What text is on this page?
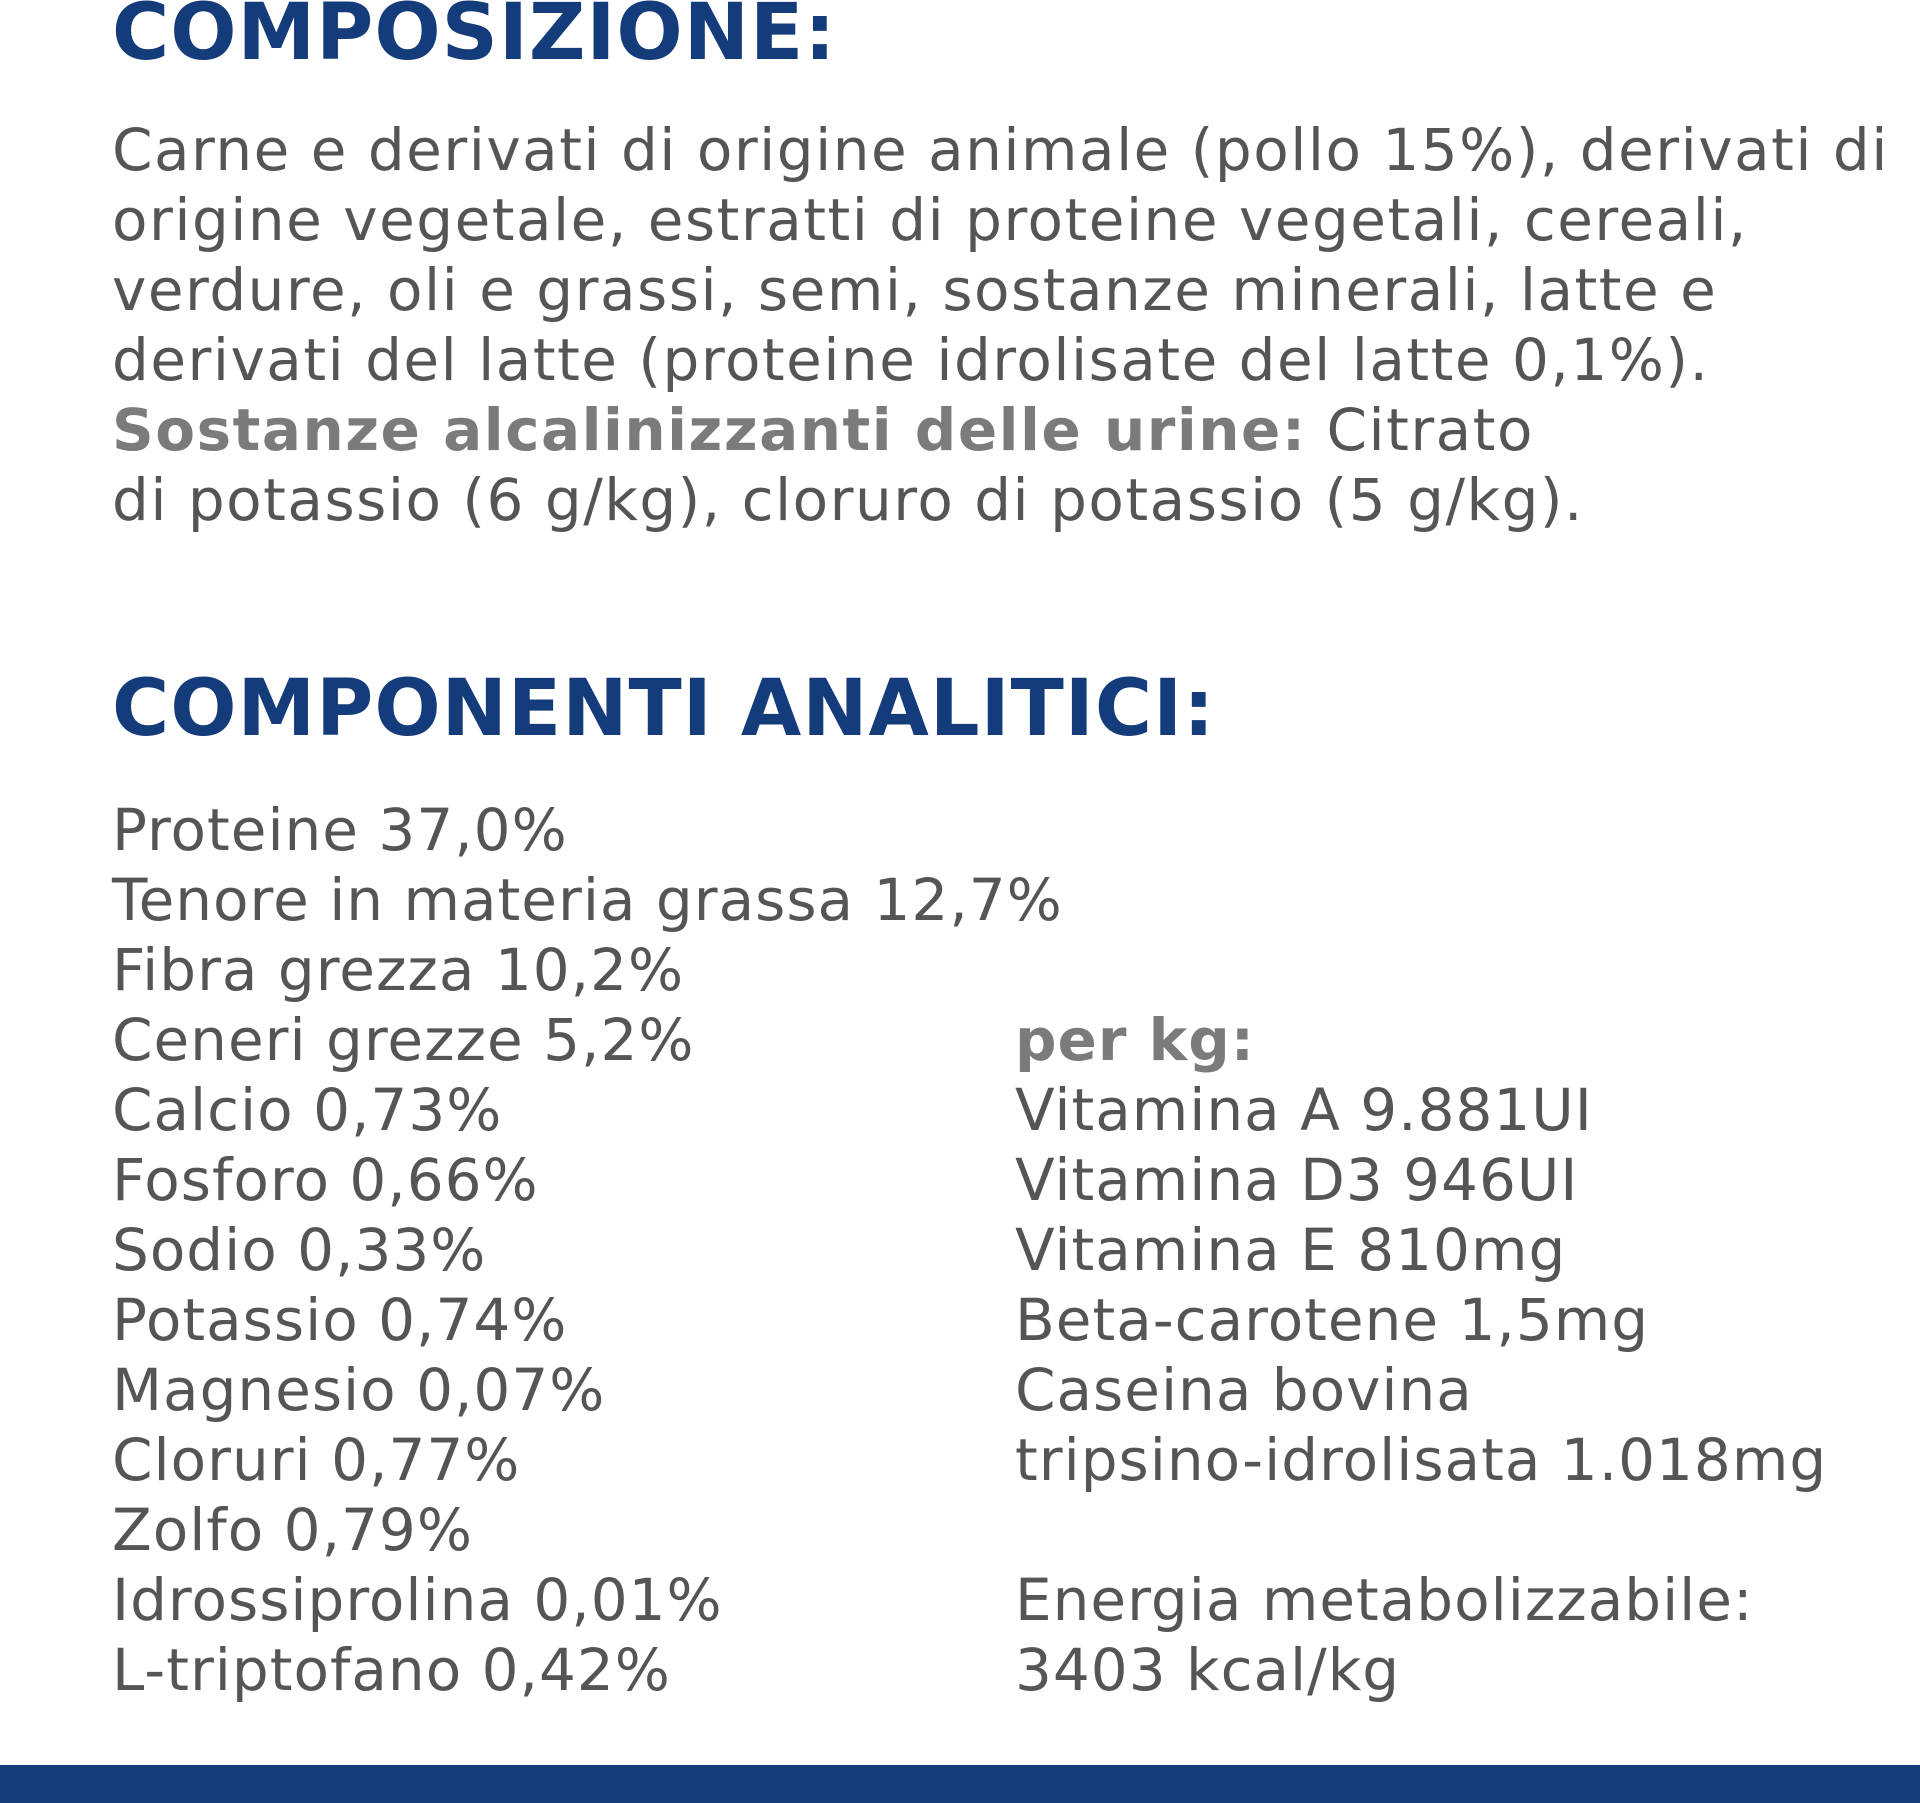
COMPOSIZIONE:

Carne e derivati di origine animale (pollo 15%), derivati di origine vegetale, estratti di proteine vegetali, cereali, verdure, oli e grassi, semi, sostanze minerali, latte e derivati del latte (proteine idrolisate del latte 0,1%).

Sostanze alcalinizzanti delle urine: Citrato
di potassio (6 g/kg), cloruro di potassio (5 g/kg).

COMPONENTI ANALITICI:
Proteine 37,0%
Tenore in materia grassa 12,7%
Fibra grezza 10,2%
Ceneri grezze 5,2%
Calcio 0,73%
Fosforo 0,66%
Sodio 0,33%
Potassio 0,74%
Magnesio 0,07%
Cloruri 0,77%
Zolfo 0,79%
Idrossiprolina 0,01%
L-triptofano 0,42%
per kg:
Vitamina A 9.881UI
Vitamina D3 946UI
Vitamina E 810mg
Beta-carotene 1,5mg
Caseina bovina
tripsino-idrolisata 1.018mg
Energia metabolizzabile:
3403 kcal/kg
